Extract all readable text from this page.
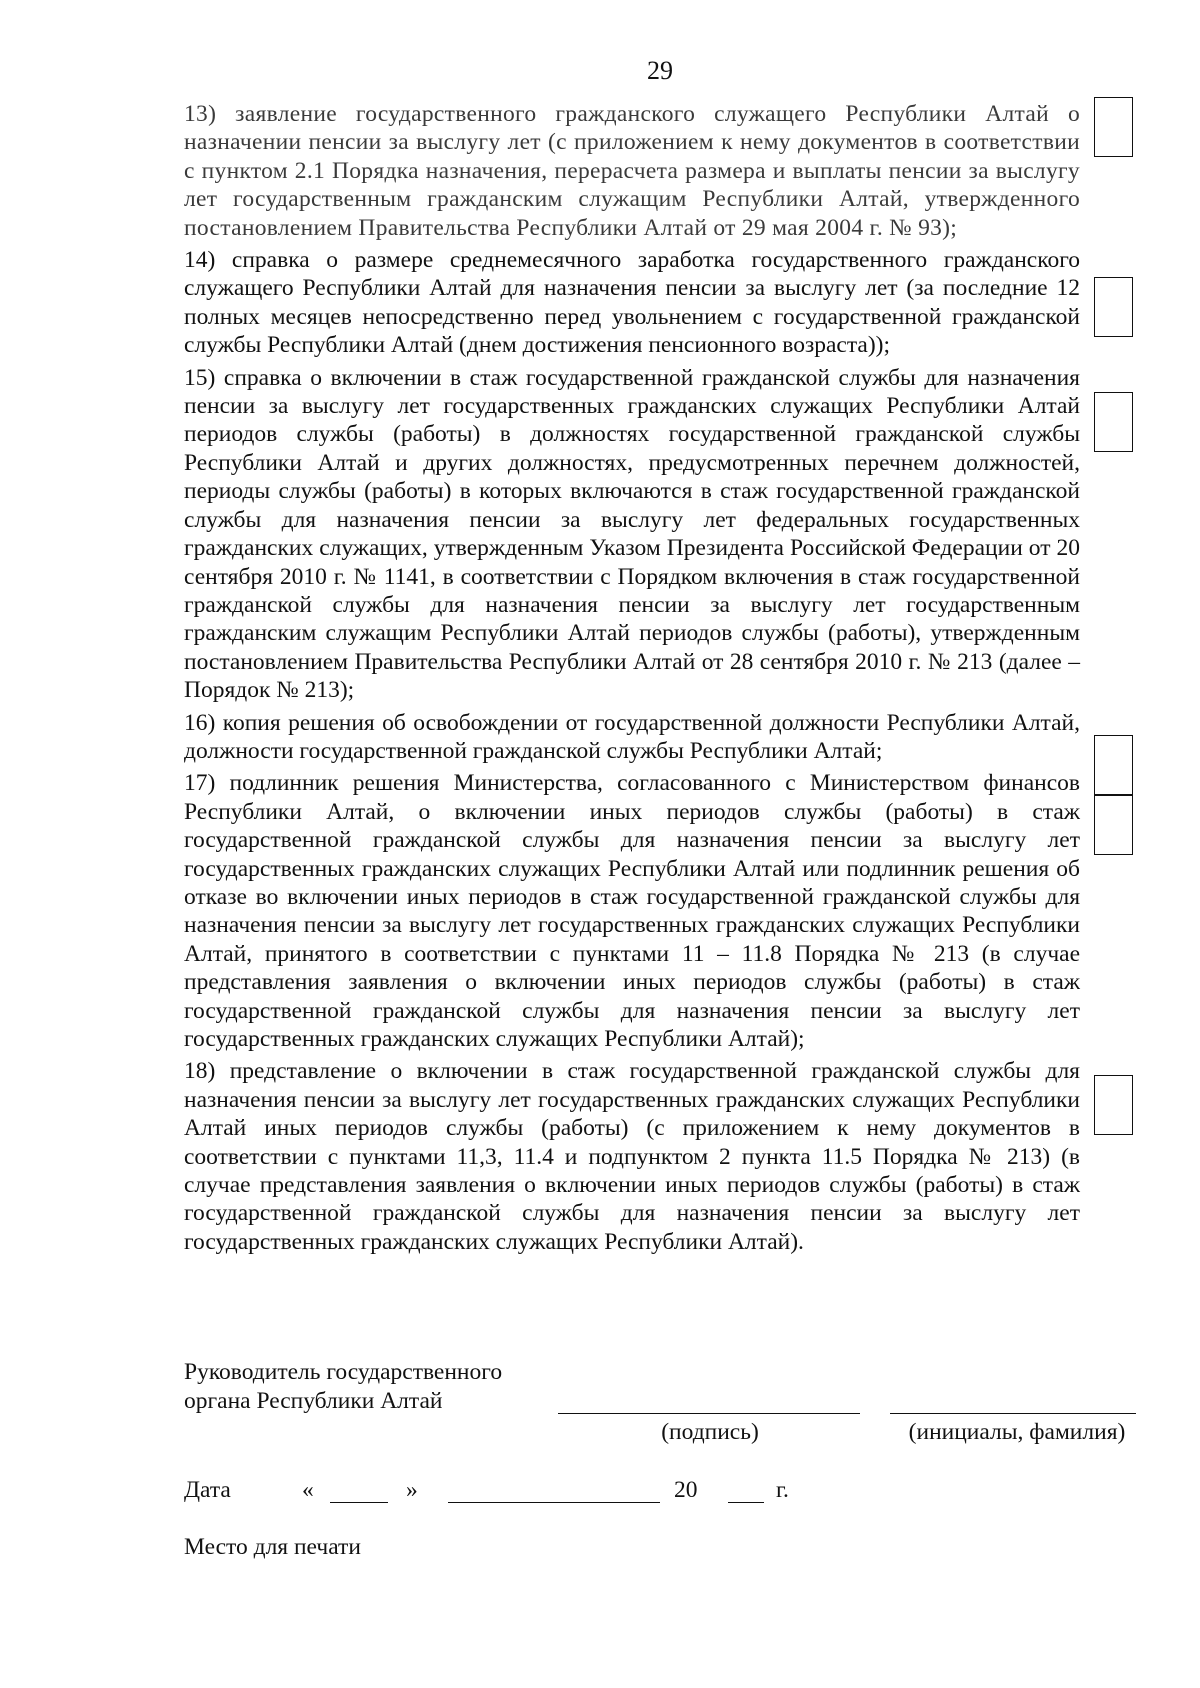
29

13) заявление государственного гражданского служащего Республики Алтай о назначении пенсии за выслугу лет (с приложением к нему документов в соответствии с пунктом 2.1 Порядка назначения, перерасчета размера и выплаты пенсии за выслугу лет государственным гражданским служащим Республики Алтай, утвержденного постановлением Правительства Республики Алтай от 29 мая 2004 г. № 93);

14) справка о размере среднемесячного заработка государственного гражданского служащего Республики Алтай для назначения пенсии за выслугу лет (за последние 12 полных месяцев непосредственно перед увольнением с государственной гражданской службы Республики Алтай (днем достижения пенсионного возраста));

15) справка о включении в стаж государственной гражданской службы для назначения пенсии за выслугу лет государственных гражданских служащих Республики Алтай периодов службы (работы) в должностях государственной гражданской службы Республики Алтай и других должностях, предусмотренных перечнем должностей, периоды службы (работы) в которых включаются в стаж государственной гражданской службы для назначения пенсии за выслугу лет федеральных государственных гражданских служащих, утвержденным Указом Президента Российской Федерации от 20 сентября 2010 г. № 1141, в соответствии с Порядком включения в стаж государственной гражданской службы для назначения пенсии за выслугу лет государственным гражданским служащим Республики Алтай периодов службы (работы), утвержденным постановлением Правительства Республики Алтай от 28 сентября 2010 г. № 213 (далее – Порядок № 213);

16) копия решения об освобождении от государственной должности Республики Алтай, должности государственной гражданской службы Республики Алтай;

17) подлинник решения Министерства, согласованного с Министерством финансов Республики Алтай, о включении иных периодов службы (работы) в стаж государственной гражданской службы для назначения пенсии за выслугу лет государственных гражданских служащих Республики Алтай или подлинник решения об отказе во включении иных периодов в стаж государственной гражданской службы для назначения пенсии за выслугу лет государственных гражданских служащих Республики Алтай, принятого в соответствии с пунктами 11 – 11.8 Порядка № 213 (в случае представления заявления о включении иных периодов службы (работы) в стаж государственной гражданской службы для назначения пенсии за выслугу лет государственных гражданских служащих Республики Алтай);

18) представление о включении в стаж государственной гражданской службы для назначения пенсии за выслугу лет государственных гражданских служащих Республики Алтай иных периодов службы (работы) (с приложением к нему документов в соответствии с пунктами 11,3, 11.4 и подпунктом 2 пункта 11.5 Порядка № 213) (в случае представления заявления о включении иных периодов службы (работы) в стаж государственной гражданской службы для назначения пенсии за выслугу лет государственных гражданских служащих Республики Алтай).

Руководитель государственного
органа Республики Алтай
(подпись)	(инициалы, фамилия)
Дата	«	»	20	г.
Место для печати
